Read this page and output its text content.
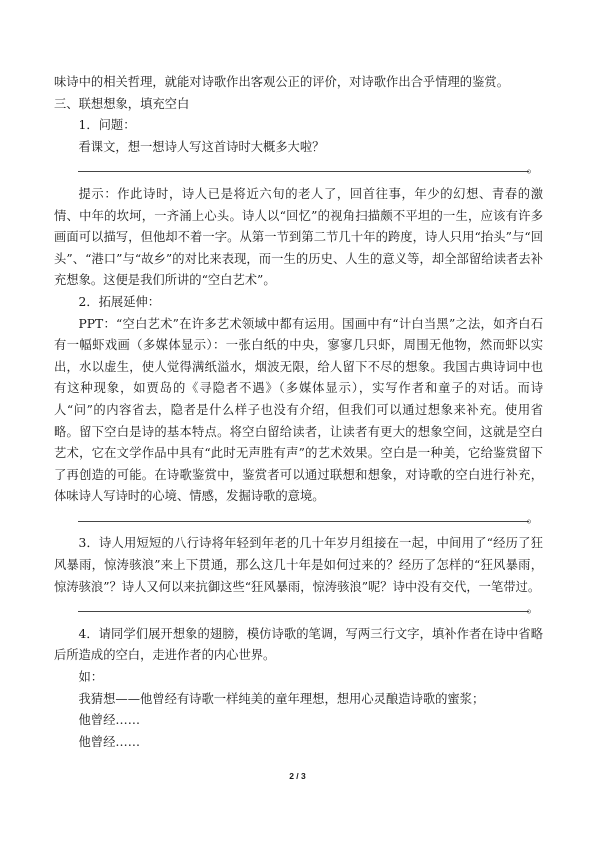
味诗中的相关哲理，就能对诗歌作出客观公正的评价，对诗歌作出合乎情理的鉴赏。

三、联想想象，填充空白

1．问题：

看课文，想一想诗人写这首诗时大概多大啦？

。

提示：作此诗时，诗人已是将近六旬的老人了，回首往事，年少的幻想、青春的激情、中年的坎坷，一齐涌上心头。诗人以“回忆”的视角扫描颇不平坦的一生，应该有许多画面可以描写，但他却不着一字。从第一节到第二节几十年的跨度，诗人只用“抬头”与“回头”、“港口”与“故乡”的对比来表现，而一生的历史、人生的意义等，却全部留给读者去补充想象。这便是我们所讲的“空白艺术”。

2．拓展延伸：

PPT：“空白艺术”在许多艺术领域中都有运用。国画中有“计白当黑”之法，如齐白石有一幅虾戏画（多媒体显示）：一张白纸的中央，寥寥几只虾，周围无他物，然而虾以实出，水以虚生，使人觉得满纸溢水，烟波无限，给人留下不尽的想象。我国古典诗词中也有这种现象，如贾岛的《寻隐者不遇》（多媒体显示），实写作者和童子的对话。而诗人“问”的内容省去，隐者是什么样子也没有介绍，但我们可以通过想象来补充。使用省略。留下空白是诗的基本特点。将空白留给读者，让读者有更大的想象空间，这就是空白艺术，它在文学作品中具有“此时无声胜有声”的艺术效果。空白是一种美，它给鉴赏留下了再创造的可能。在诗歌鉴赏中，鉴赏者可以通过联想和想象，对诗歌的空白进行补充，体味诗人写诗时的心境、情感，发掘诗歌的意境。

。

3．诗人用短短的八行诗将年轻到年老的几十年岁月组接在一起，中间用了“经历了狂风暴雨，惊涛骇浪”来上下贯通，那么这几十年是如何过来的？经历了怎样的“狂风暴雨，惊涛骇浪”？诗人又何以来抗御这些“狂风暴雨，惊涛骇浪”呢？诗中没有交代，一笔带过。

。

4．请同学们展开想象的翅膀，模仿诗歌的笔调，写两三行文字，填补作者在诗中省略后所造成的空白，走进作者的内心世界。

如：

我猜想——他曾经有诗歌一样纯美的童年理想，想用心灵酿造诗歌的蜜浆；

他曾经……

他曾经……

2 / 3
